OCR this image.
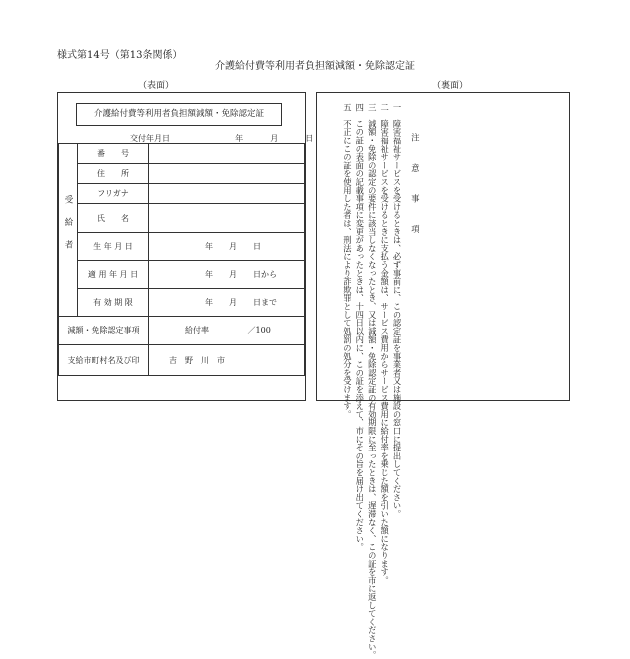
様式第14号（第13条関係）
介護給付費等利用者負担額減額・免除認定証
（表面）	（裏面）
介護給付費等利用者負担額減額・免除認定証
交付年月日	年	月	日
受給者	番　　号	
	住　　所	
	フリガナ	
	氏　　名	
	生 年 月 日	年　　月　　日
	適 用 年 月 日	年　　月　　日から
	有 効 期 限	年　　月　　日まで
減額・免除認定事項		給付率 ／100
支給市町村名及び印		吉　野　川　市

注　意　事　項

一　障害福祉サービスを受けるときは、必ず事前に、この認定証を事業者又は施設の窓口に提出してください。

二　障害福祉サービスを受けるときに支払う金額は、サービス費用からサービス費用に給付率を乗じた額を引いた額になります。

三　減額・免除の認定の要件に該当しなくなったとき、又は減額・免除認定証の有効期限に至ったときは、遅滞なく、この証を市に返してください。

四　この証の表面の記載事項に変更があったときは、十四日以内に、この証を添えて、市にその旨を届け出てください。

五　不正にこの証を使用した者は、刑法により詐欺罪として処罰の処分を受けます。
